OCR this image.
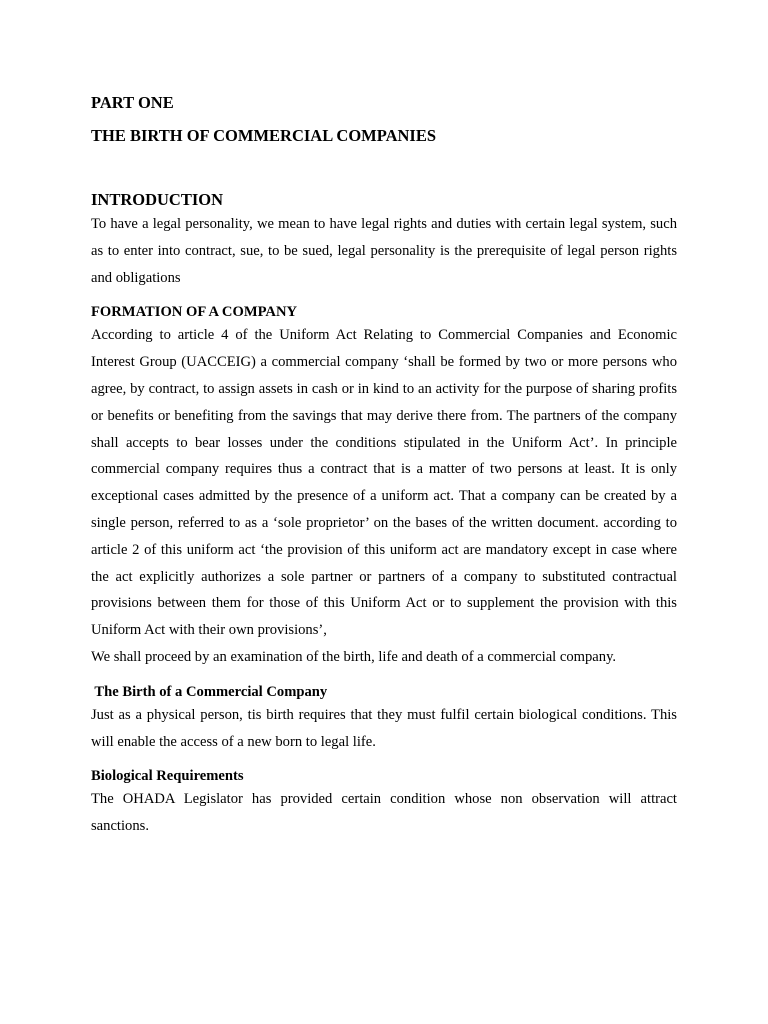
PART ONE
THE BIRTH OF COMMERCIAL COMPANIES
INTRODUCTION

To have a legal personality, we mean to have legal rights and duties with certain legal system, such as to enter into contract, sue, to be sued, legal personality is the prerequisite of legal person rights and obligations

FORMATION OF A COMPANY

According to article 4 of the Uniform Act Relating to Commercial Companies and Economic Interest Group (UACCEIG) a commercial company ‘shall be formed by two or more persons who agree, by contract, to assign assets in cash or in kind to an activity for the purpose of sharing profits or benefits or benefiting from the savings that may derive there from. The partners of the company shall accepts to bear losses under the conditions stipulated in the Uniform Act’. In principle commercial company requires thus a contract that is a matter of two persons at least. It is only exceptional cases admitted by the presence of a uniform act. That a company can be created by a single person, referred to as a ‘sole proprietor’ on the bases of the written document. according to article 2 of this uniform act ‘the provision of this uniform act are mandatory except in case where the act explicitly authorizes a sole partner or partners of a company to substituted contractual provisions between them for those of this Uniform Act or to supplement the provision with this Uniform Act with their own provisions’,

We shall proceed by an examination of the birth, life and death of a commercial company.

The Birth of a Commercial Company

Just as a physical person, tis birth requires that they must fulfil certain biological conditions. This will enable the access of a new born to legal life.

Biological Requirements

The OHADA Legislator has provided certain condition whose non observation will attract sanctions.
